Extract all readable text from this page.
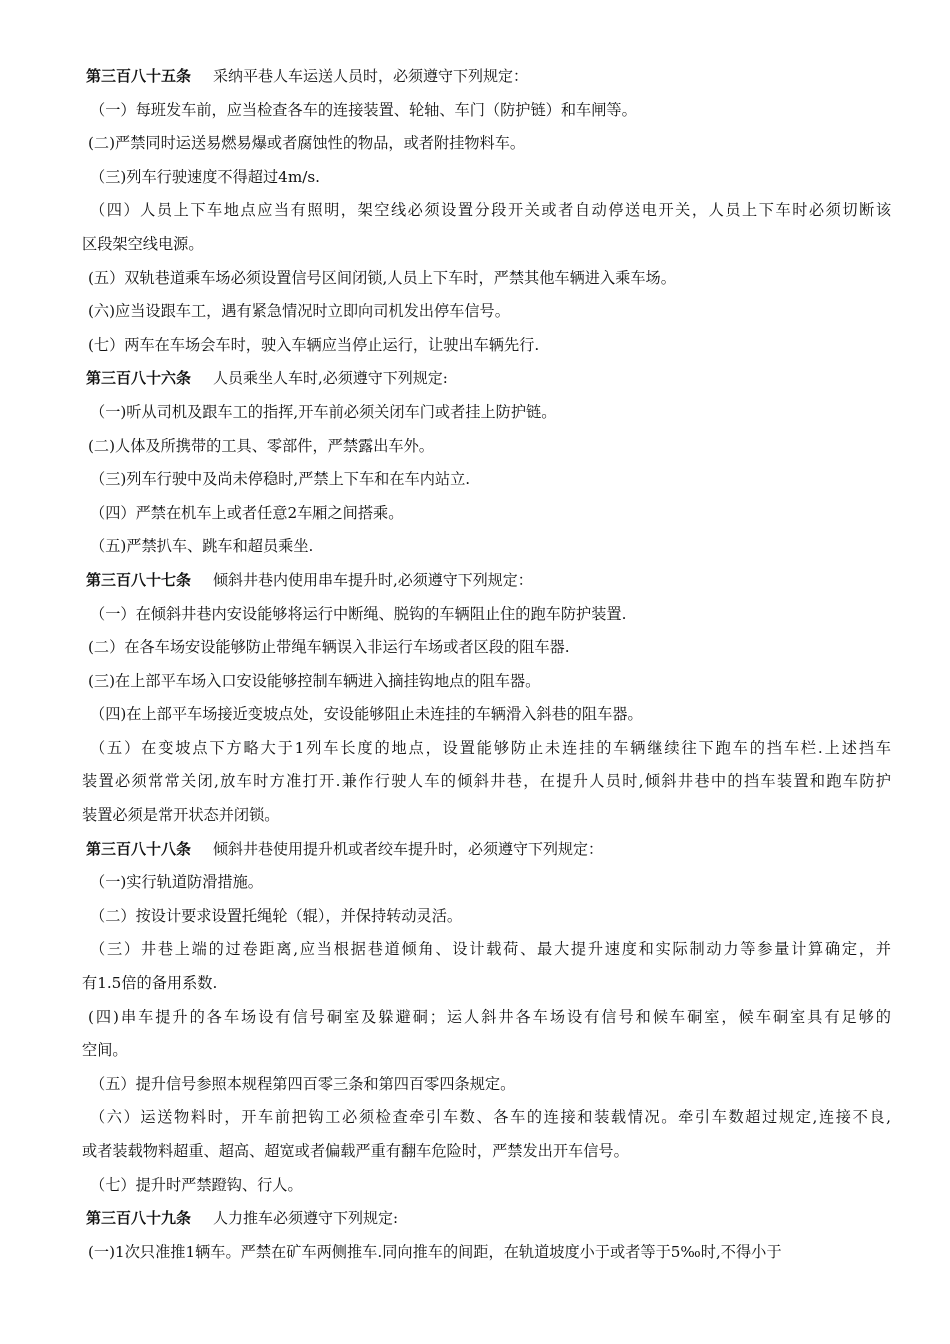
第三百八十五条 采纳平巷人车运送人员时，必须遵守下列规定：
（一）每班发车前，应当检查各车的连接装置、轮轴、车门（防护链）和车闸等。
(二)严禁同时运送易燃易爆或者腐蚀性的物品，或者附挂物料车。
（三)列车行驶速度不得超过4m/s.
（四）人员上下车地点应当有照明，架空线必须设置分段开关或者自动停送电开关，人员上下车时必须切断该
区段架空线电源。
(五）双轨巷道乘车场必须设置信号区间闭锁,人员上下车时，严禁其他车辆进入乘车场。
(六)应当设跟车工，遇有紧急情况时立即向司机发出停车信号。
(七）两车在车场会车时，驶入车辆应当停止运行，让驶出车辆先行.
第三百八十六条 人员乘坐人车时,必须遵守下列规定:
（一)听从司机及跟车工的指挥,开车前必须关闭车门或者挂上防护链。
(二)人体及所携带的工具、零部件，严禁露出车外。
（三)列车行驶中及尚未停稳时,严禁上下车和在车内站立.
（四）严禁在机车上或者任意2车厢之间搭乘。
（五)严禁扒车、跳车和超员乘坐.
第三百八十七条 倾斜井巷内使用串车提升时,必须遵守下列规定：
（一）在倾斜井巷内安设能够将运行中断绳、脱钩的车辆阻止住的跑车防护装置.
(二）在各车场安设能够防止带绳车辆误入非运行车场或者区段的阻车器.
(三)在上部平车场入口安设能够控制车辆进入摘挂钩地点的阻车器。
（四)在上部平车场接近变坡点处，安设能够阻止未连挂的车辆滑入斜巷的阻车器。
（五）在变坡点下方略大于1列车长度的地点，设置能够防止未连挂的车辆继续往下跑车的挡车栏.上述挡车
装置必须常常关闭,放车时方准打开.兼作行驶人车的倾斜井巷，在提升人员时,倾斜井巷中的挡车装置和跑车防护
装置必须是常开状态并闭锁。
第三百八十八条 倾斜井巷使用提升机或者绞车提升时，必须遵守下列规定：
（一)实行轨道防滑措施。
（二）按设计要求设置托绳轮（辊），并保持转动灵活。
（三）井巷上端的过卷距离,应当根据巷道倾角、设计载荷、最大提升速度和实际制动力等参量计算确定，并
有1.5倍的备用系数.
(四)串车提升的各车场设有信号硐室及躲避硐；运人斜井各车场设有信号和候车硐室，候车硐室具有足够的
空间。
（五）提升信号参照本规程第四百零三条和第四百零四条规定。
（六）运送物料时，开车前把钩工必须检查牵引车数、各车的连接和装载情况。牵引车数超过规定,连接不良,
或者装载物料超重、超高、超宽或者偏载严重有翻车危险时，严禁发出开车信号。
（七）提升时严禁蹬钩、行人。
第三百八十九条 人力推车必须遵守下列规定:
(一)1次只准推1辆车。严禁在矿车两侧推车.同向推车的间距，在轨道坡度小于或者等于5‰时,不得小于
